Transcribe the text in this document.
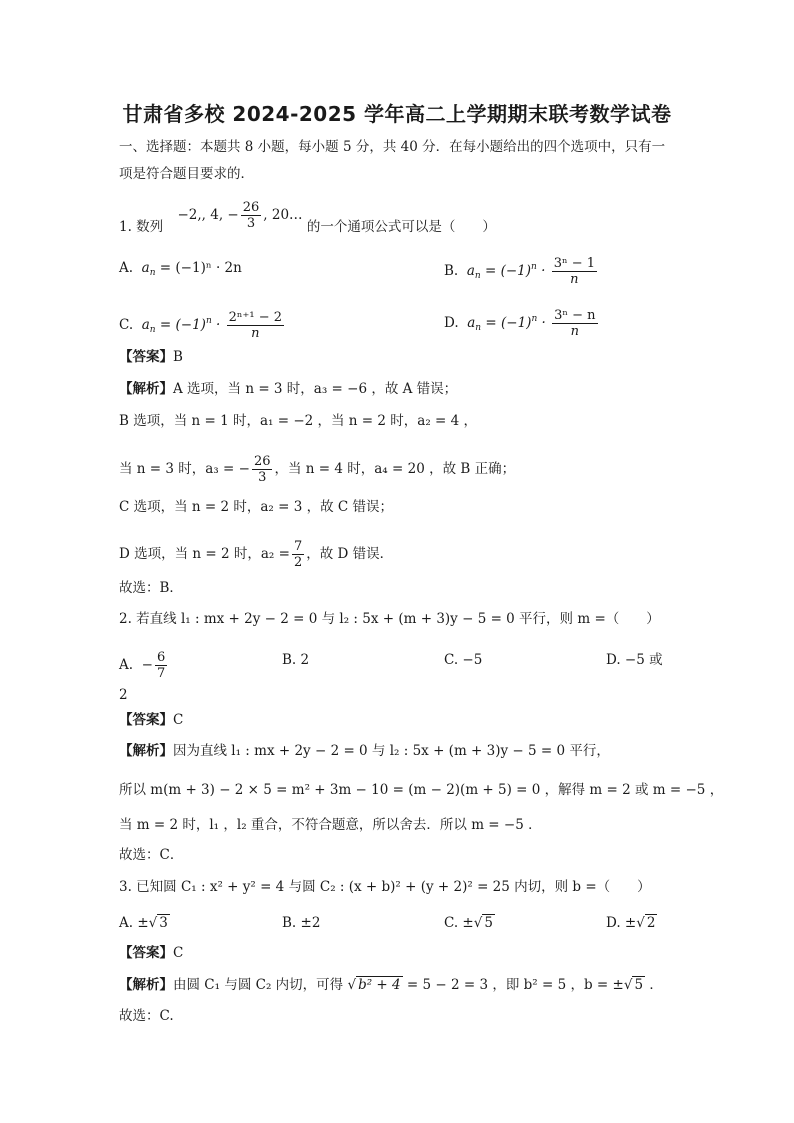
甘肃省多校 2024-2025 学年高二上学期期末联考数学试卷
一、选择题：本题共 8 小题，每小题 5 分，共 40 分．在每小题给出的四个选项中，只有一
项是符合题目要求的．
1. 数列 −2,, 4, − $\frac{26}{3}$ , 20… 的一个通项公式可以是（　　）
A. $a_n = (-1)^n \cdot 2n$	B. $a_n = (-1)^n \cdot \frac{\text{3ⁿ − 1}}{n}$
C. $a_n = (-1)^n \cdot \frac{\text{2ⁿ⁺¹ − 2}}{n}$	D. $a_n = (-1)^n \cdot \frac{\text{3ⁿ − n}}{n}$
【答案】B
【解析】A 选项，当 n = 3 时，a₃ = −6 ，故 A 错误；
B 选项，当 n = 1 时，a₁ = −2 ，当 n = 2 时，a₂ = 4 ，
当 n = 3 时，a₃ = − $\frac{26}{3}$ ，当 n = 4 时，a₄ = 20 ，故 B 正确；
C 选项，当 n = 2 时，a₂ = 3 ，故 C 错误；
D 选项，当 n = 2 时，$a_2 = \frac{7}{2}$ ，故 D 错误．
故选：B．
2. 若直线 l₁ : mx + 2y − 2 = 0 与 l₂ : 5x + (m + 3)y − 5 = 0 平行，则 m =（　　）
A.  − $\frac{6}{7}$	B. 2	C. −5	D. −5 或
2
【答案】C
【解析】因为直线 l₁ : mx + 2y − 2 = 0 与 l₂ : 5x + (m + 3)y − 5 = 0 平行，
所以 m(m + 3) − 2 × 5 = m² + 3m − 10 = (m − 2)(m + 5) = 0 ，解得 m = 2 或 m = −5 ，
当 m = 2 时，l₁ ，l₂ 重合，不符合题意，所以舍去．所以 m = −5 ．
故选：C．
3. 已知圆 C₁ : x² + y² = 4 与圆 C₂ : (x + b)² + (y + 2)² = 25 内切，则 b =（　　）
A. ±√ 3	B. ±2	C. ±√ 5	D. ±√ 2
【答案】C
【解析】由圆 C₁ 与圆 C₂ 内切，可得 √ b² + 4 = 5 − 2 = 3 ，即 b² = 5 ，b = ±√ 5 ．
故选：C.
